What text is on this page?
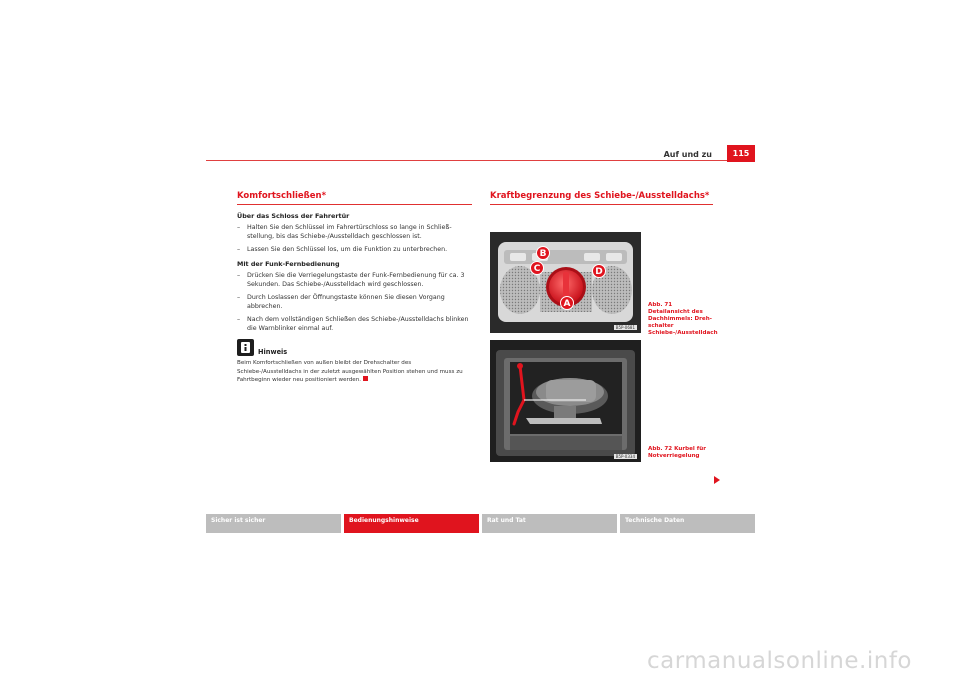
Auf und zu	115
Komfortschließen*
Über das Schloss der Fahrertür
– Halten Sie den Schlüssel im Fahrertürschloss so lange in Schließ-stellung, bis das Schiebe-/Ausstelldach geschlossen ist.
– Lassen Sie den Schlüssel los, um die Funktion zu unterbrechen.
Mit der Funk-Fernbedienung
– Drücken Sie die Verriegelungstaste der Funk-Fernbedienung für ca. 3 Sekunden. Das Schiebe-/Ausstelldach wird geschlossen.
– Durch Loslassen der Öffnungstaste können Sie diesen Vorgang abbrechen.
– Nach dem vollständigen Schließen des Schiebe-/Ausstelldachs blinken die Warnblinker einmal auf.
Hinweis
Beim Komfortschließen von außen bleibt der Drehschalter des Schiebe-/Ausstelldachs in der zuletzt ausgewählten Position stehen und muss zu Fahrtbeginn wieder neu positioniert werden.
Kraftbegrenzung des Schiebe-/Ausstelldachs*
C
B
D
A
B5P-0681
Abb. 71 Detailansicht des Dachhimmels: Dreh-schalter Schiebe-/Ausstelldach
B5P-0334
Abb. 72 Kurbel für Notverriegelung
Sicher ist sicher	Bedienungshinweise	Rat und Tat	Technische Daten
carmanualsonline.info
